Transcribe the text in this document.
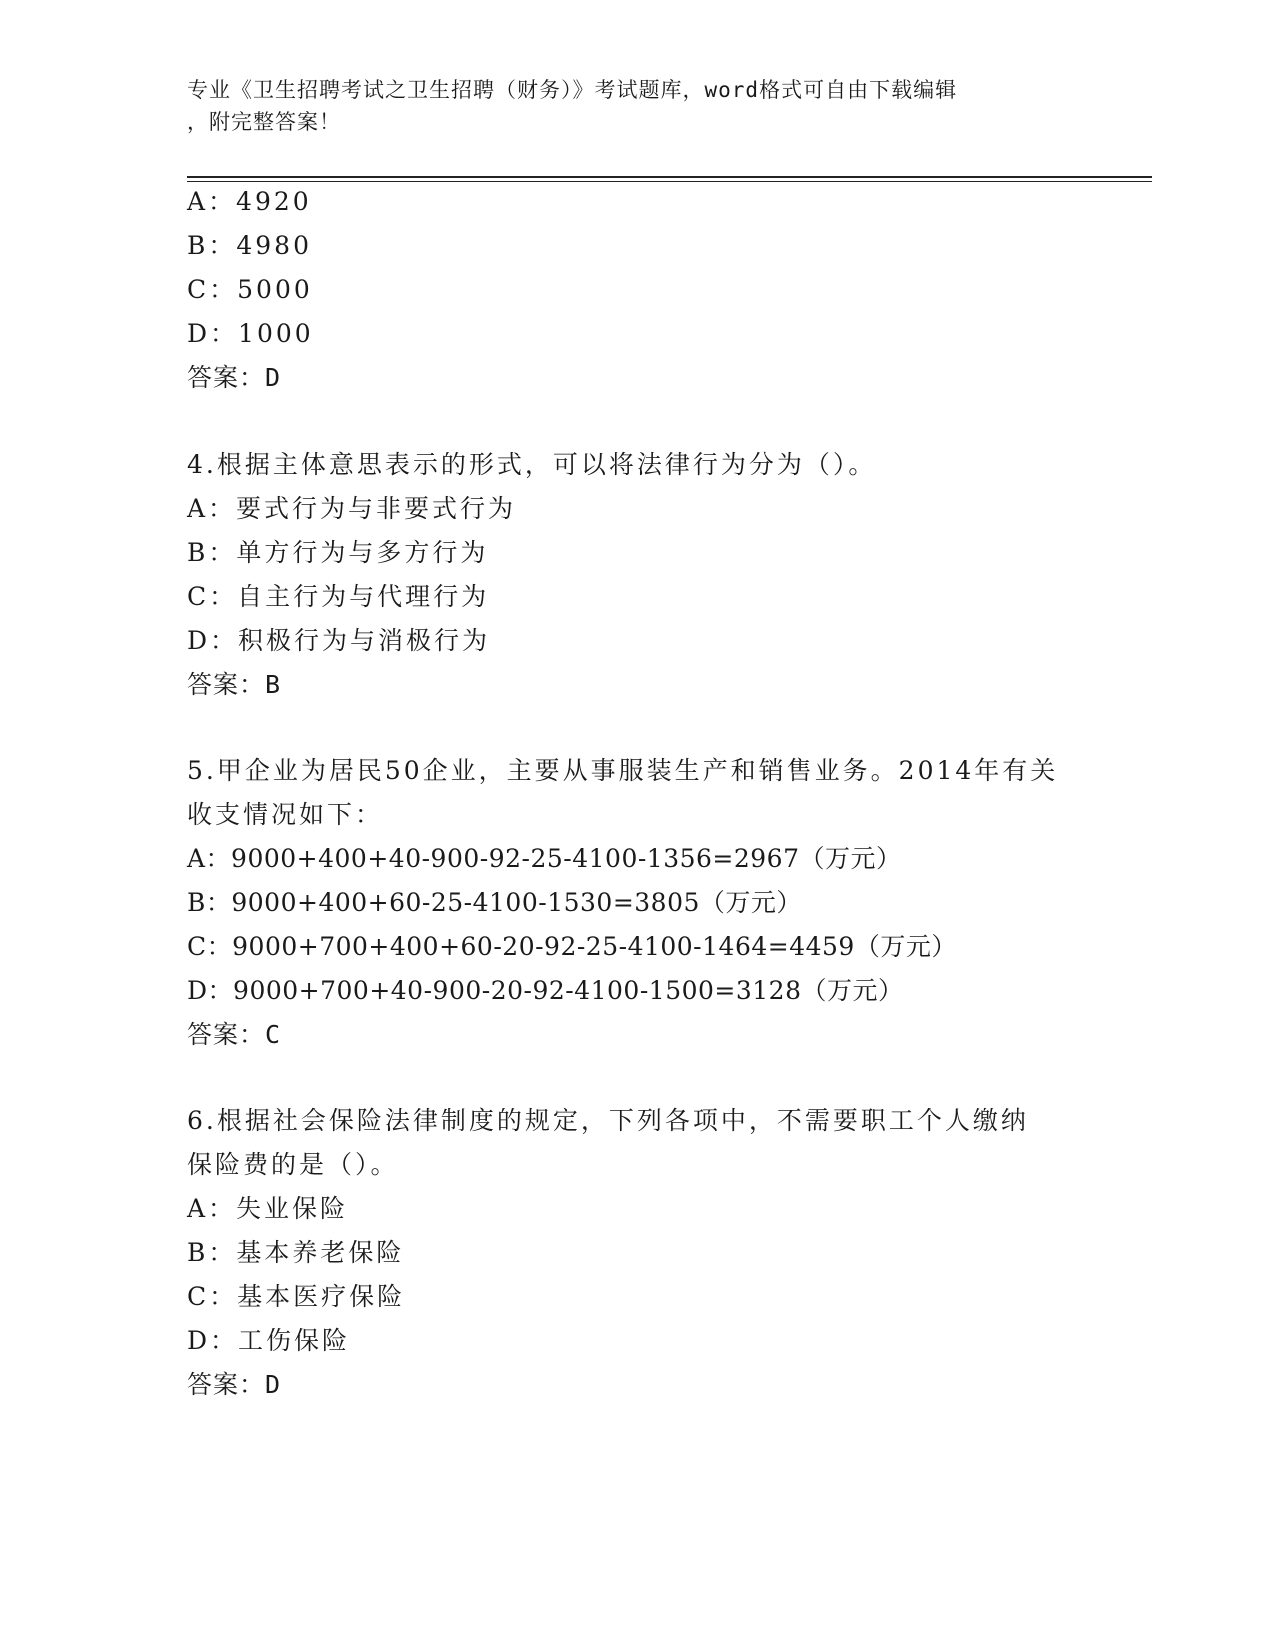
专业《卫生招聘考试之卫生招聘（财务）》考试题库，word格式可自由下载编辑
，附完整答案！
A：4920
B：4980
C：5000
D：1000
答案：D
4.根据主体意思表示的形式，可以将法律行为分为（）。
A：要式行为与非要式行为
B：单方行为与多方行为
C：自主行为与代理行为
D：积极行为与消极行为
答案：B
5.甲企业为居民50企业，主要从事服装生产和销售业务。2014年有关
收支情况如下：
A：9000+400+40-900-92-25-4100-1356=2967（万元）
B：9000+400+60-25-4100-1530=3805（万元）
C：9000+700+400+60-20-92-25-4100-1464=4459（万元）
D：9000+700+40-900-20-92-4100-1500=3128（万元）
答案：C
6.根据社会保险法律制度的规定，下列各项中，不需要职工个人缴纳
保险费的是（）。
A：失业保险
B：基本养老保险
C：基本医疗保险
D：工伤保险
答案：D
